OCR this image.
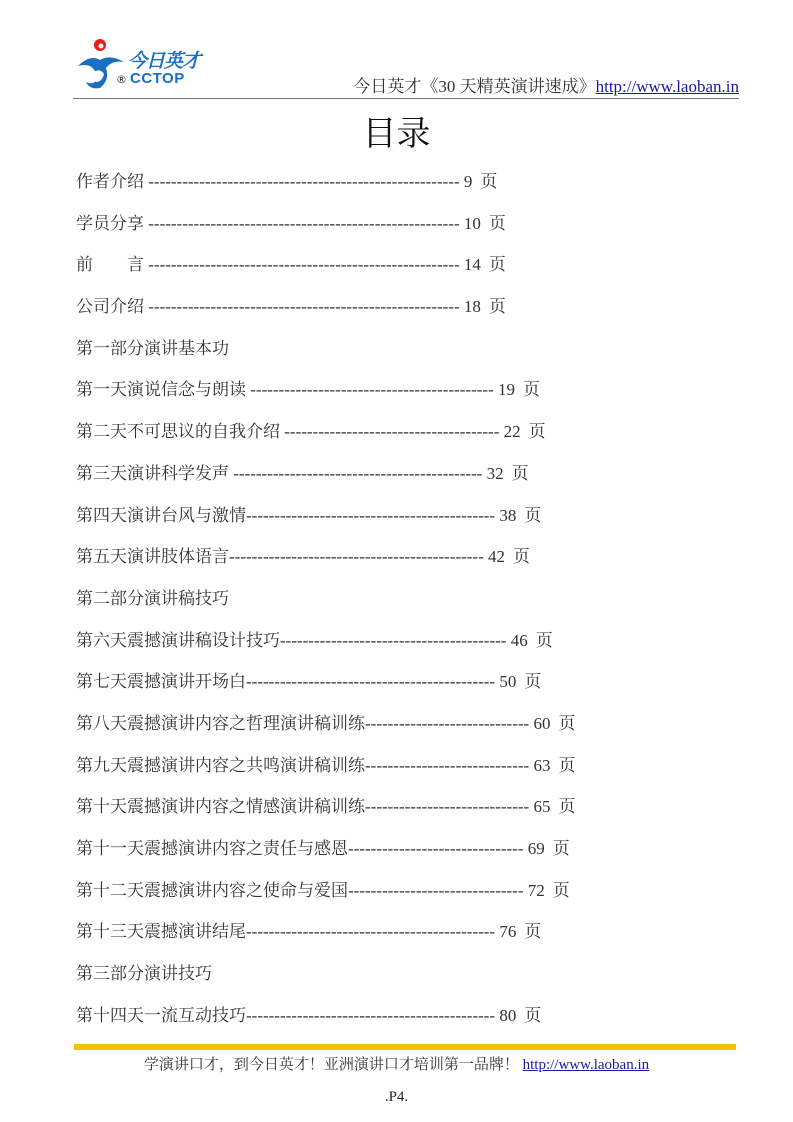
今日英才
® CCTOP	今日英才《30 天精英演讲速成》http://www.laoban.in
目录
作者介绍 ------------------------------------------------------- 9 页
学员分享 ------------------------------------------------------- 10 页
前        言 ------------------------------------------------------- 14 页
公司介绍 ------------------------------------------------------- 18 页
第一部分演讲基本功
第一天演说信念与朗读 ------------------------------------------- 19 页
第二天不可思议的自我介绍 -------------------------------------- 22 页
第三天演讲科学发声 -------------------------------------------- 32 页
第四天演讲台风与激情-------------------------------------------- 38 页
第五天演讲肢体语言--------------------------------------------- 42 页
第二部分演讲稿技巧
第六天震撼演讲稿设计技巧---------------------------------------- 46 页
第七天震撼演讲开场白-------------------------------------------- 50 页
第八天震撼演讲内容之哲理演讲稿训练----------------------------- 60 页
第九天震撼演讲内容之共鸣演讲稿训练----------------------------- 63 页
第十天震撼演讲内容之情感演讲稿训练----------------------------- 65 页
第十一天震撼演讲内容之责任与感恩------------------------------- 69 页
第十二天震撼演讲内容之使命与爱国------------------------------- 72 页
第十三天震撼演讲结尾-------------------------------------------- 76 页
第三部分演讲技巧
第十四天一流互动技巧-------------------------------------------- 80 页
学演讲口才，到今日英才！亚洲演讲口才培训第一品牌！ http://www.laoban.in
.P4.
